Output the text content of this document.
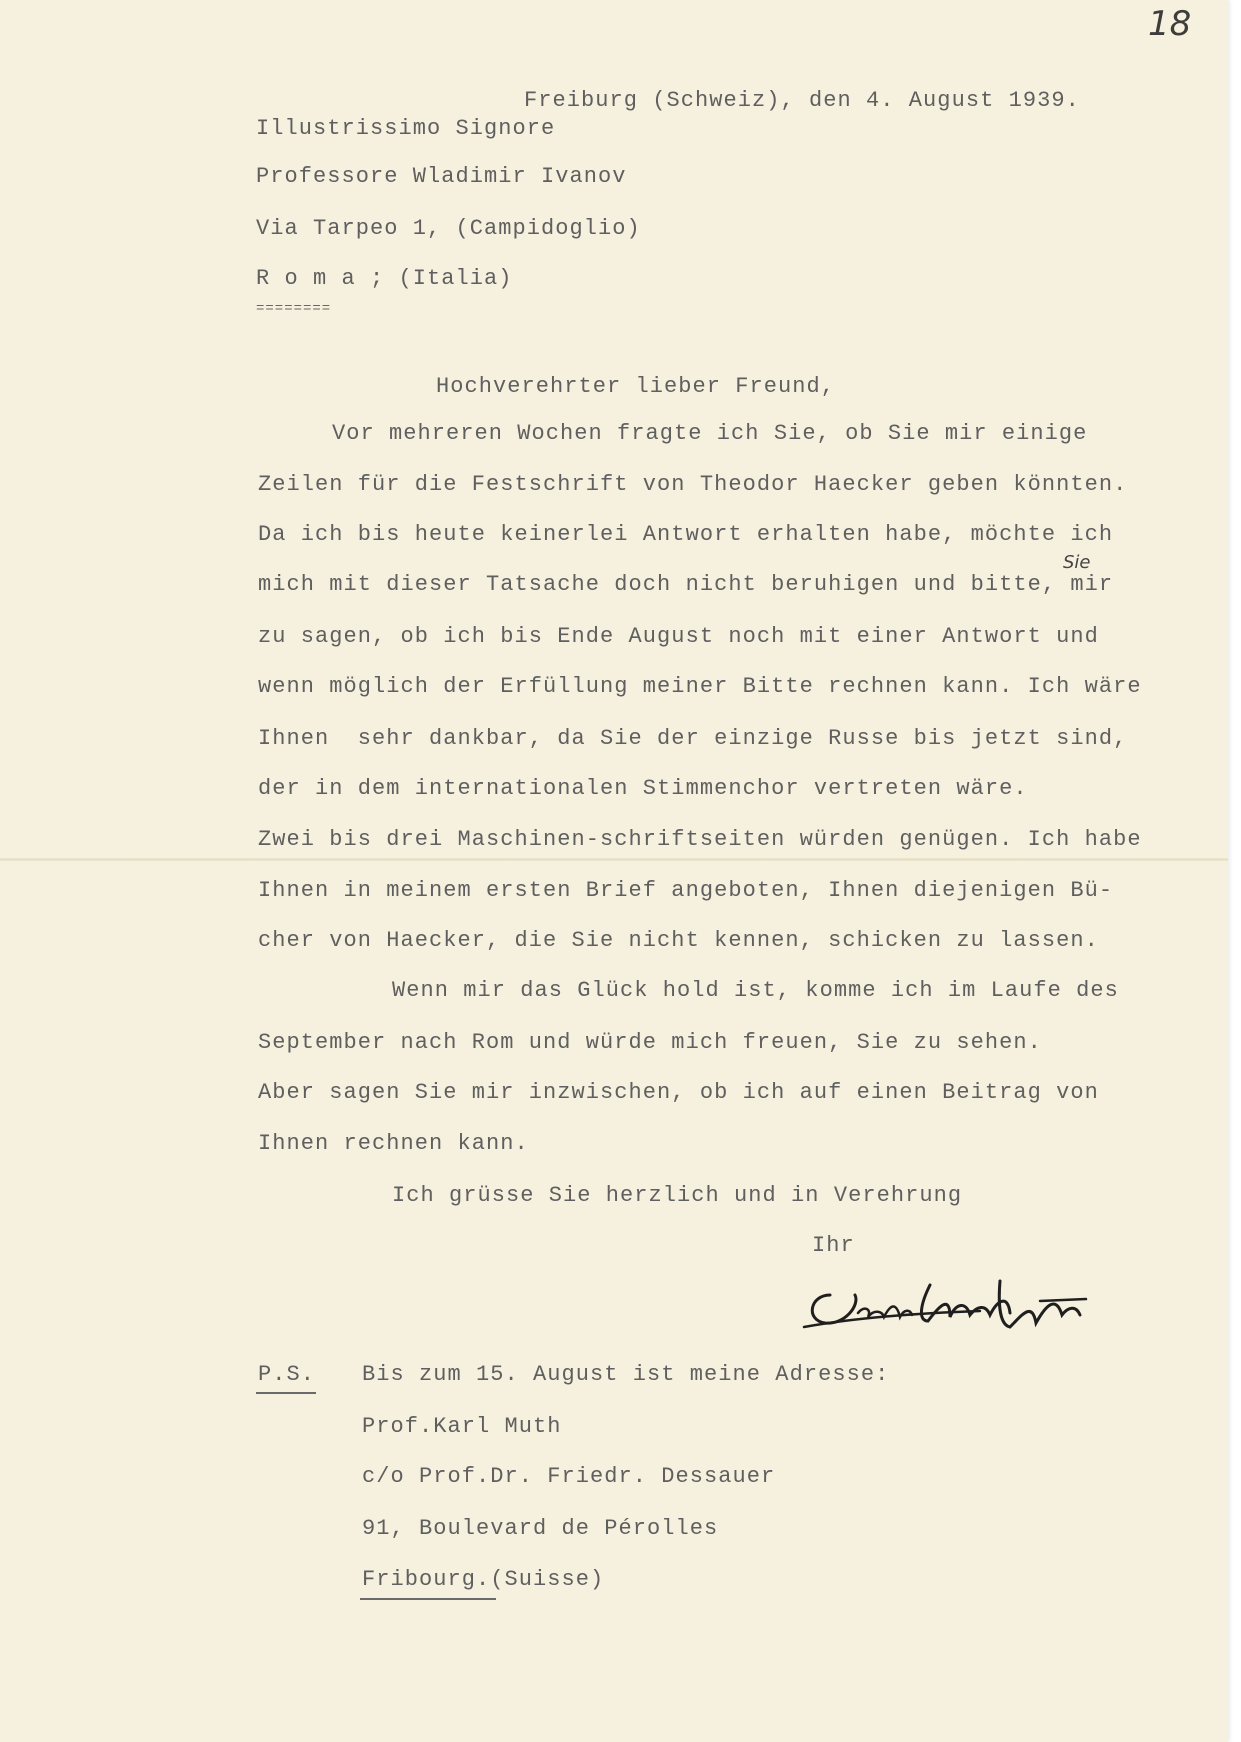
18
Freiburg (Schweiz), den 4. August 1939.
Illustrissimo Signore
Professore Wladimir Ivanov
Via Tarpeo 1, (Campidoglio)
R o m a ; (Italia)
========
Hochverehrter lieber Freund,
Vor mehreren Wochen fragte ich Sie, ob Sie mir einige
Zeilen für die Festschrift von Theodor Haecker geben könnten.
Da ich bis heute keinerlei Antwort erhalten habe, möchte ich
mich mit dieser Tatsache doch nicht beruhigen und bitte, mir
Sie
zu sagen, ob ich bis Ende August noch mit einer Antwort und
wenn möglich der Erfüllung meiner Bitte rechnen kann. Ich wäre
Ihnen  sehr dankbar, da Sie der einzige Russe bis jetzt sind,
der in dem internationalen Stimmenchor vertreten wäre.
Zwei bis drei Maschinen-schriftseiten würden genügen. Ich habe
Ihnen in meinem ersten Brief angeboten, Ihnen diejenigen Bü-
cher von Haecker, die Sie nicht kennen, schicken zu lassen.
Wenn mir das Glück hold ist, komme ich im Laufe des
September nach Rom und würde mich freuen, Sie zu sehen.
Aber sagen Sie mir inzwischen, ob ich auf einen Beitrag von
Ihnen rechnen kann.
Ich grüsse Sie herzlich und in Verehrung
Ihr
P.S. Bis zum 15. August ist meine Adresse:
Prof.Karl Muth
c/o Prof.Dr. Friedr. Dessauer
91, Boulevard de Pérolles
Fribourg.(Suisse)
